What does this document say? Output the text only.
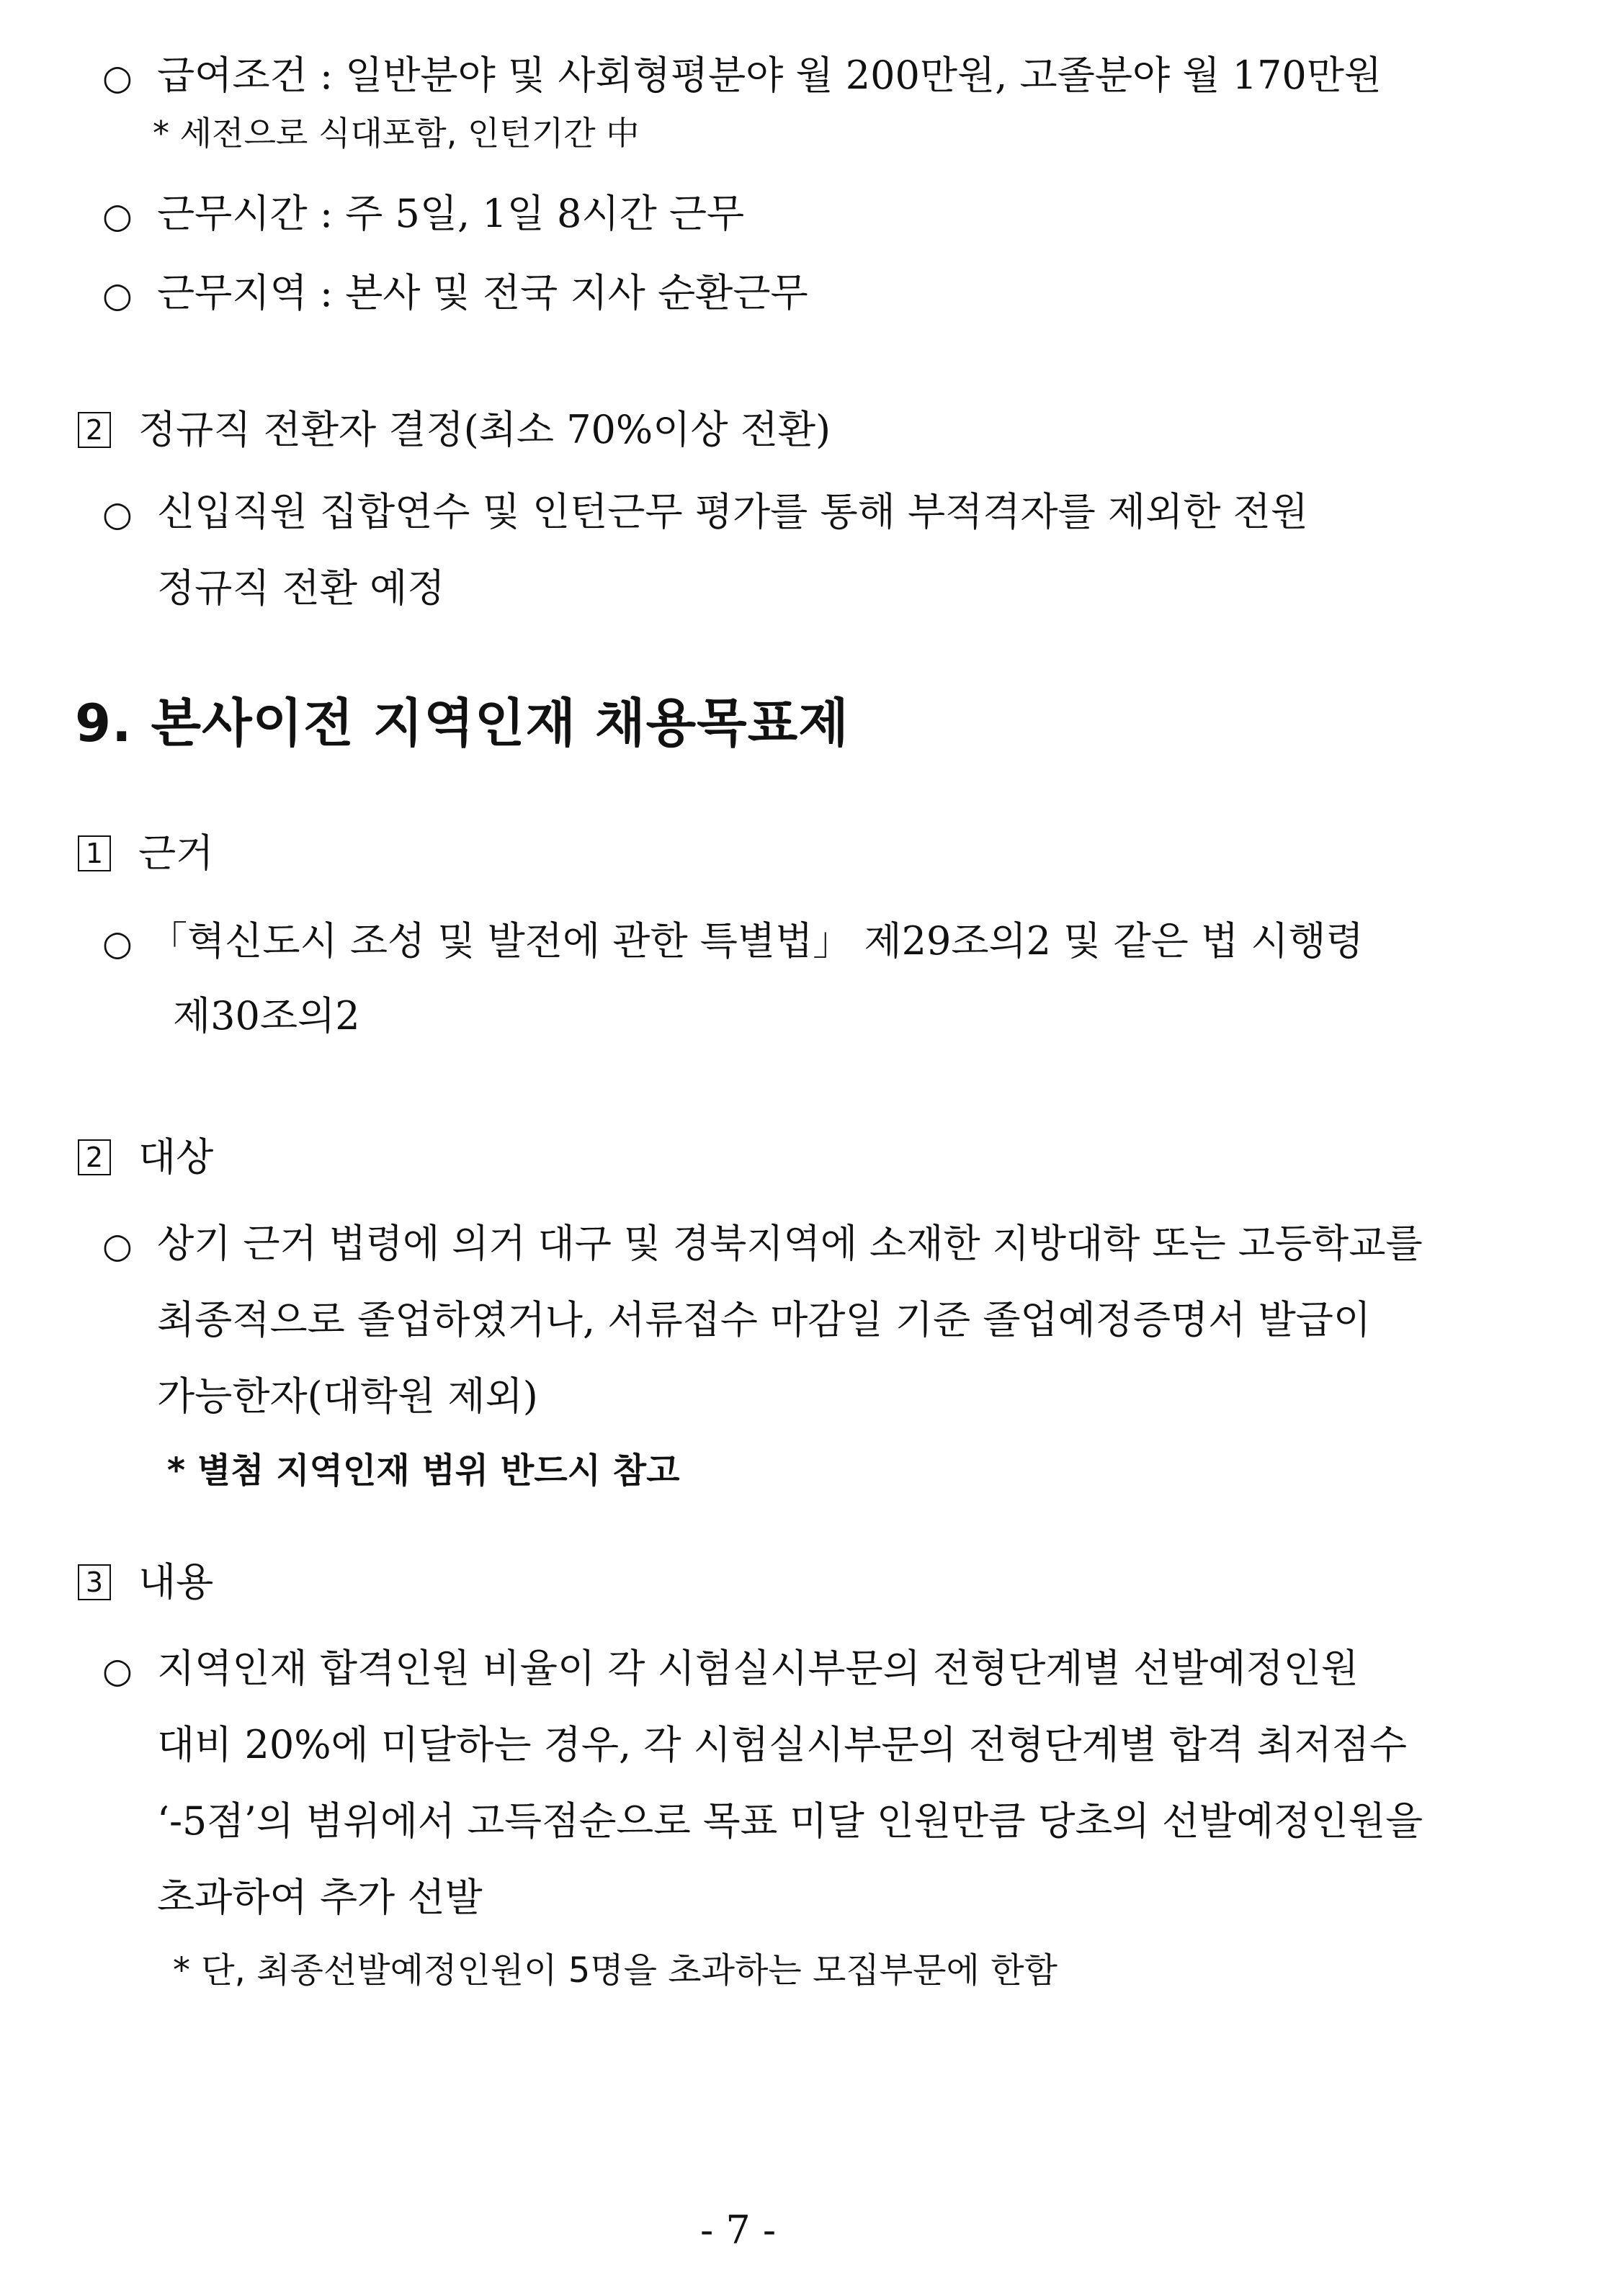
○ 급여조건 : 일반분야 및 사회형평분야 월 200만원, 고졸분야 월 170만원
* 세전으로 식대포함, 인턴기간 中
○ 근무시간 : 주 5일, 1일 8시간 근무
○ 근무지역 : 본사 및 전국 지사 순환근무
2 정규직 전환자 결정(최소 70%이상 전환)
○ 신입직원 집합연수 및 인턴근무 평가를 통해 부적격자를 제외한 전원
정규직 전환 예정
9. 본사이전 지역인재 채용목표제
1 근거
○ 「혁신도시 조성 및 발전에 관한 특별법」 제29조의2 및 같은 법 시행령
제30조의2
2 대상
○ 상기 근거 법령에 의거 대구 및 경북지역에 소재한 지방대학 또는 고등학교를
최종적으로 졸업하였거나, 서류접수 마감일 기준 졸업예정증명서 발급이
가능한자(대학원 제외)
* 별첨 지역인재 범위 반드시 참고
3 내용
○ 지역인재 합격인원 비율이 각 시험실시부문의 전형단계별 선발예정인원
대비 20%에 미달하는 경우, 각 시험실시부문의 전형단계별 합격 최저점수
‘-5점’의 범위에서 고득점순으로 목표 미달 인원만큼 당초의 선발예정인원을
초과하여 추가 선발
* 단, 최종선발예정인원이 5명을 초과하는 모집부문에 한함
- 7 -
